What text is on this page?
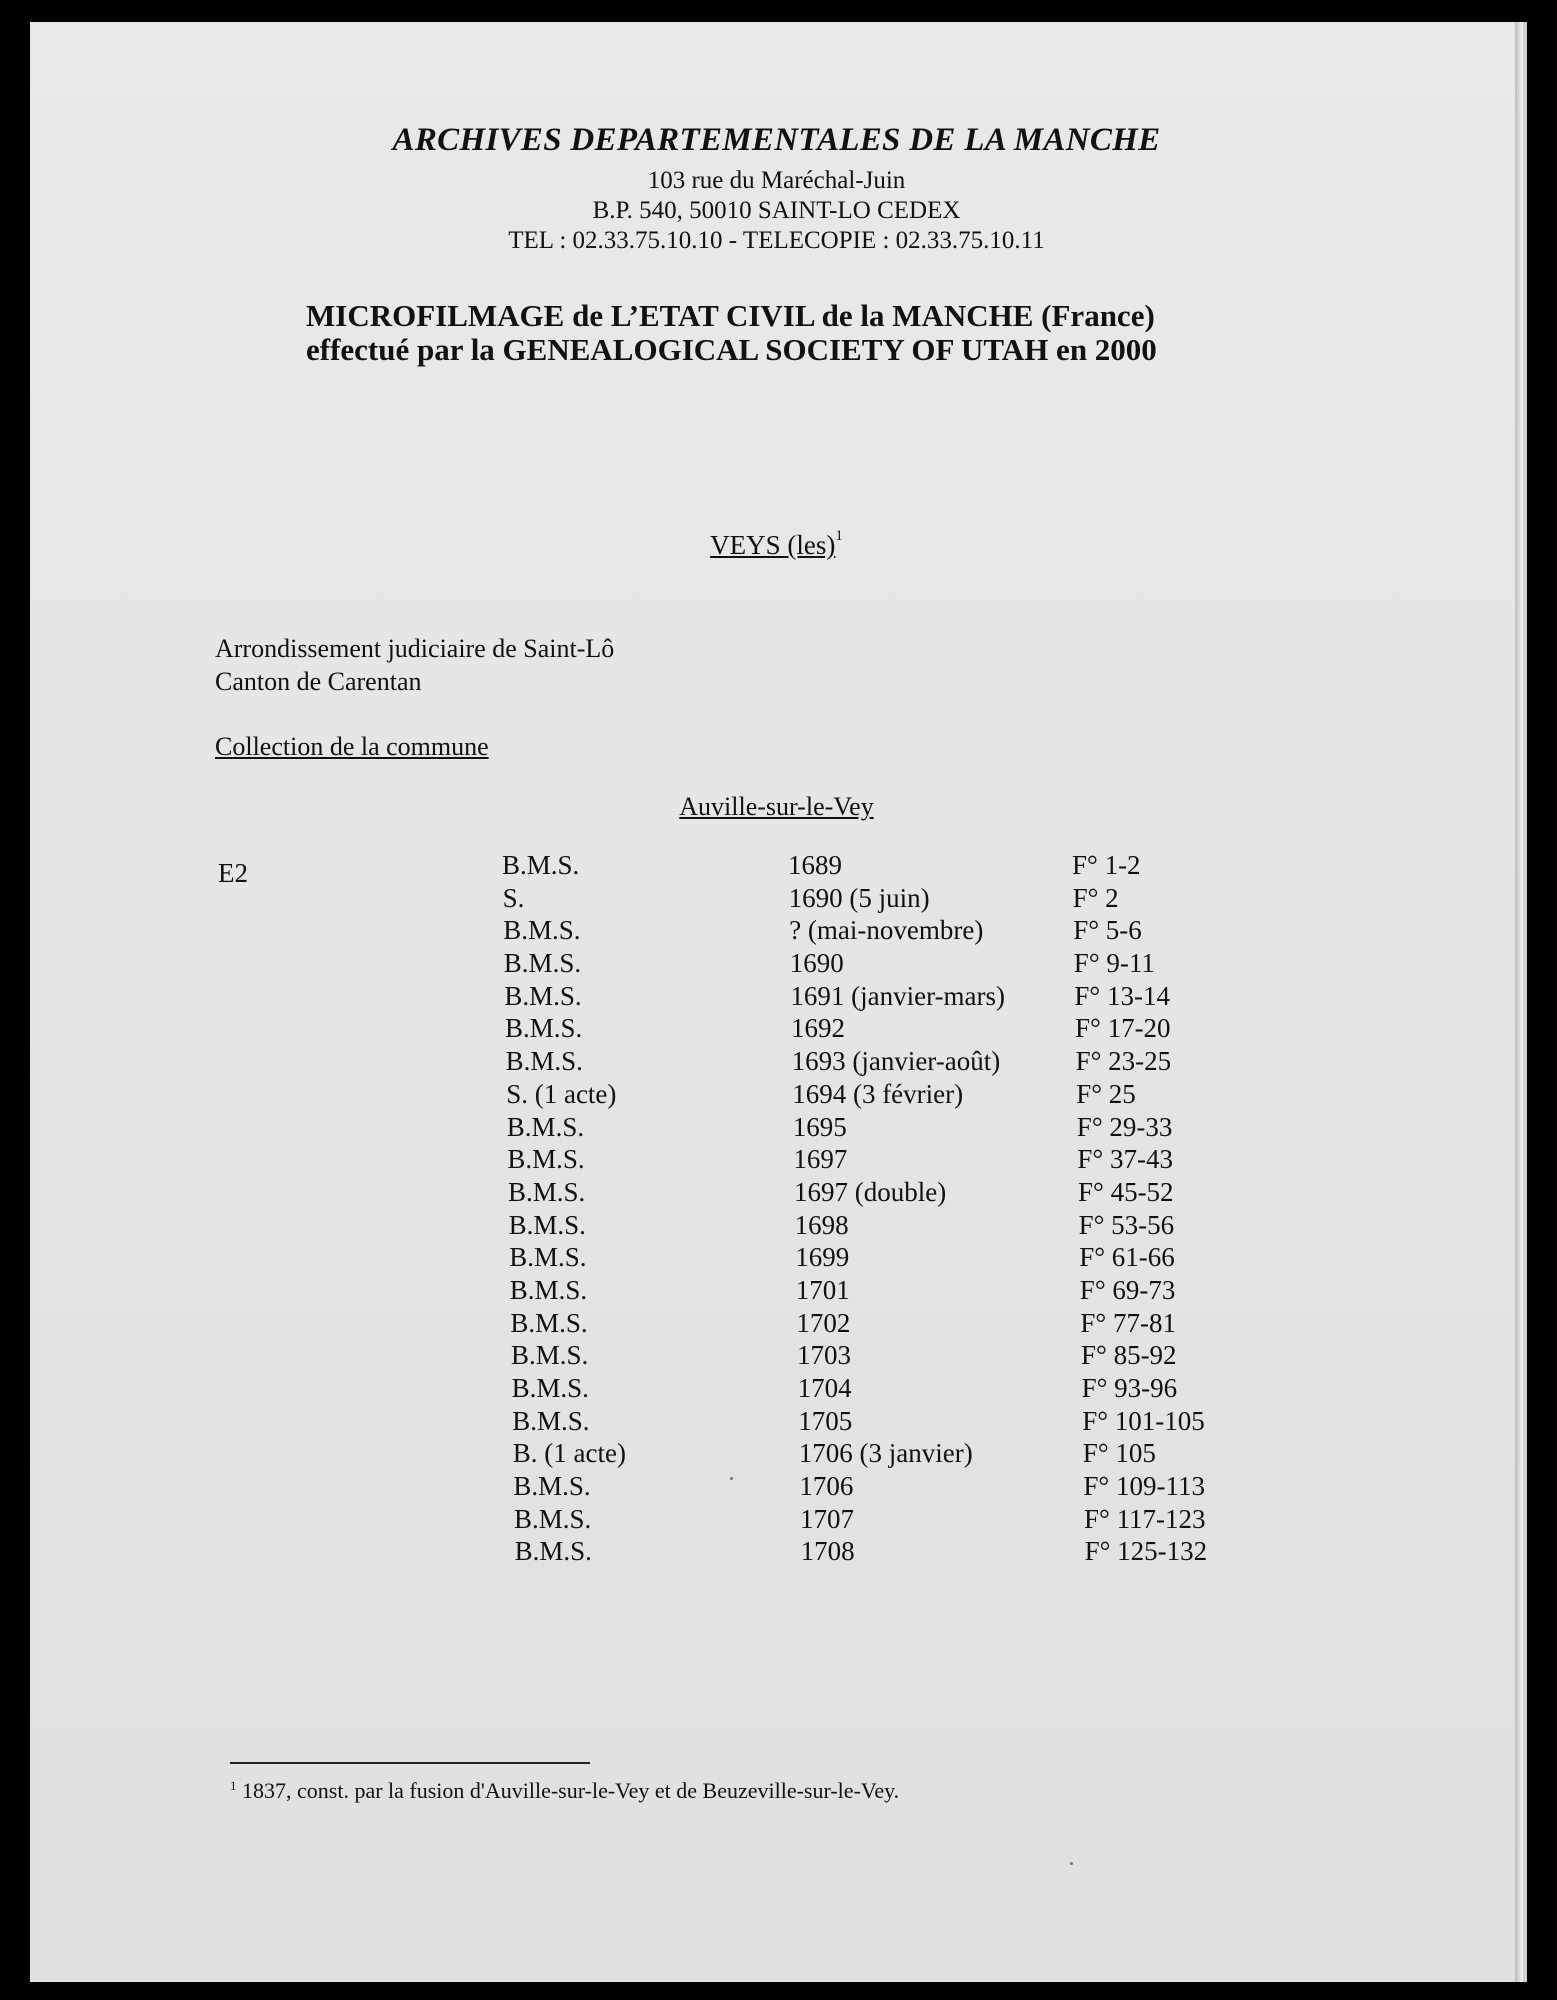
ARCHIVES DEPARTEMENTALES DE LA MANCHE
103 rue du Maréchal-Juin
B.P. 540, 50010 SAINT-LO CEDEX
TEL : 02.33.75.10.10 - TELECOPIE : 02.33.75.10.11
MICROFILMAGE de L’ETAT CIVIL de la MANCHE (France)
effectué par la GENEALOGICAL SOCIETY OF UTAH en 2000
VEYS (les)$^1$
Arrondissement judiciaire de Saint-Lô
Canton de Carentan
Collection de la commune
Auville-sur-le-Vey
E2	B.M.S.	1689	F° 1-2
S.	1690 (5 juin)	F° 2
B.M.S.	? (mai-novembre)	F° 5-6
B.M.S.	1690	F° 9-11
B.M.S.	1691 (janvier-mars)	F° 13-14
B.M.S.	1692	F° 17-20
B.M.S.	1693 (janvier-août)	F° 23-25
S. (1 acte)	1694 (3 février)	F° 25
B.M.S.	1695	F° 29-33
B.M.S.	1697	F° 37-43
B.M.S.	1697 (double)	F° 45-52
B.M.S.	1698	F° 53-56
B.M.S.	1699	F° 61-66
B.M.S.	1701	F° 69-73
B.M.S.	1702	F° 77-81
B.M.S.	1703	F° 85-92
B.M.S.	1704	F° 93-96
B.M.S.	1705	F° 101-105
B. (1 acte)	1706 (3 janvier)	F° 105
B.M.S.	1706	F° 109-113
B.M.S.	1707	F° 117-123
B.M.S.	1708	F° 125-132
$^1$ 1837, const. par la fusion d'Auville-sur-le-Vey et de Beuzeville-sur-le-Vey.
